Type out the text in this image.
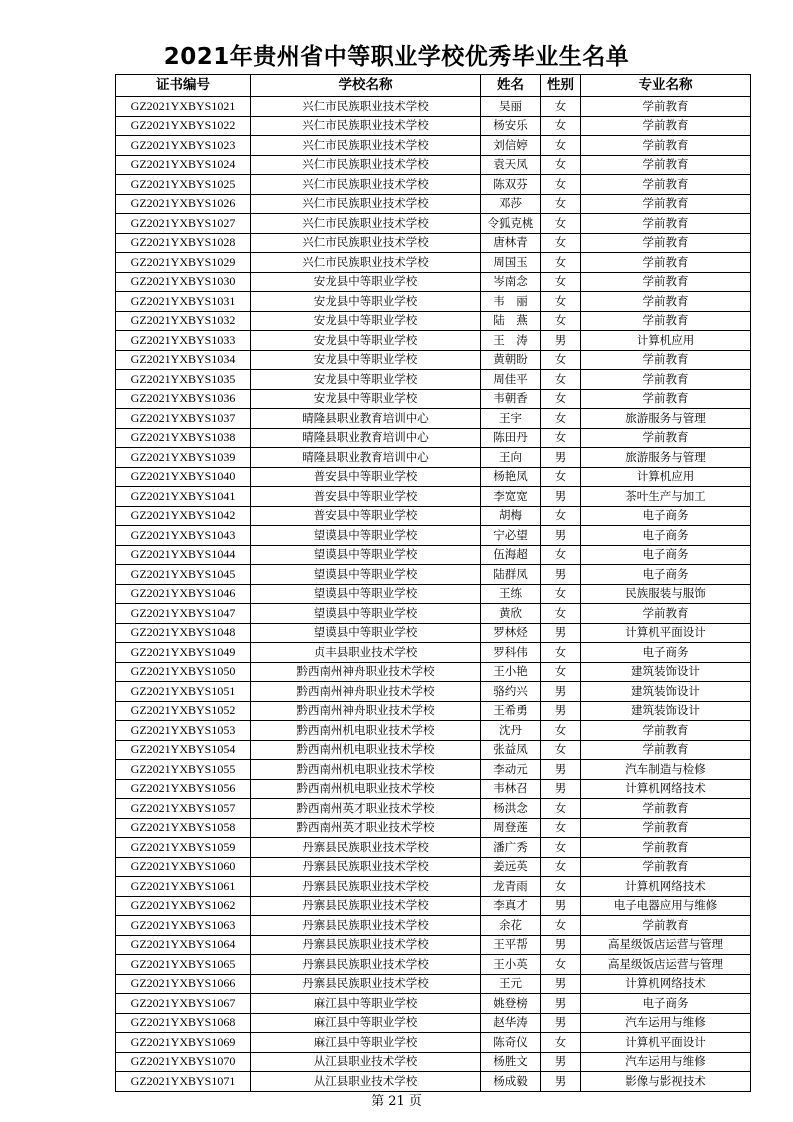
2021年贵州省中等职业学校优秀毕业生名单
证书编号	学校名称	姓名	性别	专业名称
GZ2021YXBYS1021	兴仁市民族职业技术学校	吴丽	女	学前教育
GZ2021YXBYS1022	兴仁市民族职业技术学校	杨安乐	女	学前教育
GZ2021YXBYS1023	兴仁市民族职业技术学校	刘信婷	女	学前教育
GZ2021YXBYS1024	兴仁市民族职业技术学校	袁天凤	女	学前教育
GZ2021YXBYS1025	兴仁市民族职业技术学校	陈双芬	女	学前教育
GZ2021YXBYS1026	兴仁市民族职业技术学校	邓莎	女	学前教育
GZ2021YXBYS1027	兴仁市民族职业技术学校	令狐克桃	女	学前教育
GZ2021YXBYS1028	兴仁市民族职业技术学校	唐林青	女	学前教育
GZ2021YXBYS1029	兴仁市民族职业技术学校	周国玉	女	学前教育
GZ2021YXBYS1030	安龙县中等职业学校	岑南念	女	学前教育
GZ2021YXBYS1031	安龙县中等职业学校	韦　丽	女	学前教育
GZ2021YXBYS1032	安龙县中等职业学校	陆　燕	女	学前教育
GZ2021YXBYS1033	安龙县中等职业学校	王　涛	男	计算机应用
GZ2021YXBYS1034	安龙县中等职业学校	黄朝盼	女	学前教育
GZ2021YXBYS1035	安龙县中等职业学校	周佳平	女	学前教育
GZ2021YXBYS1036	安龙县中等职业学校	韦朝香	女	学前教育
GZ2021YXBYS1037	晴隆县职业教育培训中心	王宇	女	旅游服务与管理
GZ2021YXBYS1038	晴隆县职业教育培训中心	陈田丹	女	学前教育
GZ2021YXBYS1039	晴隆县职业教育培训中心	王向	男	旅游服务与管理
GZ2021YXBYS1040	普安县中等职业学校	杨艳凤	女	计算机应用
GZ2021YXBYS1041	普安县中等职业学校	李宽宽	男	茶叶生产与加工
GZ2021YXBYS1042	普安县中等职业学校	胡梅	女	电子商务
GZ2021YXBYS1043	望谟县中等职业学校	宁必望	男	电子商务
GZ2021YXBYS1044	望谟县中等职业学校	伍海超	女	电子商务
GZ2021YXBYS1045	望谟县中等职业学校	陆群凤	男	电子商务
GZ2021YXBYS1046	望谟县中等职业学校	王练	女	民族服装与服饰
GZ2021YXBYS1047	望谟县中等职业学校	黄欣	女	学前教育
GZ2021YXBYS1048	望谟县中等职业学校	罗林烃	男	计算机平面设计
GZ2021YXBYS1049	贞丰县职业技术学校	罗科伟	女	电子商务
GZ2021YXBYS1050	黔西南州神舟职业技术学校	王小艳	女	建筑装饰设计
GZ2021YXBYS1051	黔西南州神舟职业技术学校	骆约兴	男	建筑装饰设计
GZ2021YXBYS1052	黔西南州神舟职业技术学校	王希勇	男	建筑装饰设计
GZ2021YXBYS1053	黔西南州机电职业技术学校	沈丹	女	学前教育
GZ2021YXBYS1054	黔西南州机电职业技术学校	张益凤	女	学前教育
GZ2021YXBYS1055	黔西南州机电职业技术学校	李动元	男	汽车制造与检修
GZ2021YXBYS1056	黔西南州机电职业技术学校	韦林召	男	计算机网络技术
GZ2021YXBYS1057	黔西南州英才职业技术学校	杨洪念	女	学前教育
GZ2021YXBYS1058	黔西南州英才职业技术学校	周登莲	女	学前教育
GZ2021YXBYS1059	丹寨县民族职业技术学校	潘广秀	女	学前教育
GZ2021YXBYS1060	丹寨县民族职业技术学校	姜远英	女	学前教育
GZ2021YXBYS1061	丹寨县民族职业技术学校	龙青雨	女	计算机网络技术
GZ2021YXBYS1062	丹寨县民族职业技术学校	李真才	男	电子电器应用与维修
GZ2021YXBYS1063	丹寨县民族职业技术学校	余花	女	学前教育
GZ2021YXBYS1064	丹寨县民族职业技术学校	王平帮	男	高星级饭店运营与管理
GZ2021YXBYS1065	丹寨县民族职业技术学校	王小英	女	高星级饭店运营与管理
GZ2021YXBYS1066	丹寨县民族职业技术学校	王元	男	计算机网络技术
GZ2021YXBYS1067	麻江县中等职业学校	姚登榜	男	电子商务
GZ2021YXBYS1068	麻江县中等职业学校	赵华涛	男	汽车运用与维修
GZ2021YXBYS1069	麻江县中等职业学校	陈奇仪	女	计算机平面设计
GZ2021YXBYS1070	从江县职业技术学校	杨胜文	男	汽车运用与维修
GZ2021YXBYS1071	从江县职业技术学校	杨成毅	男	影像与影视技术
第 21 页
